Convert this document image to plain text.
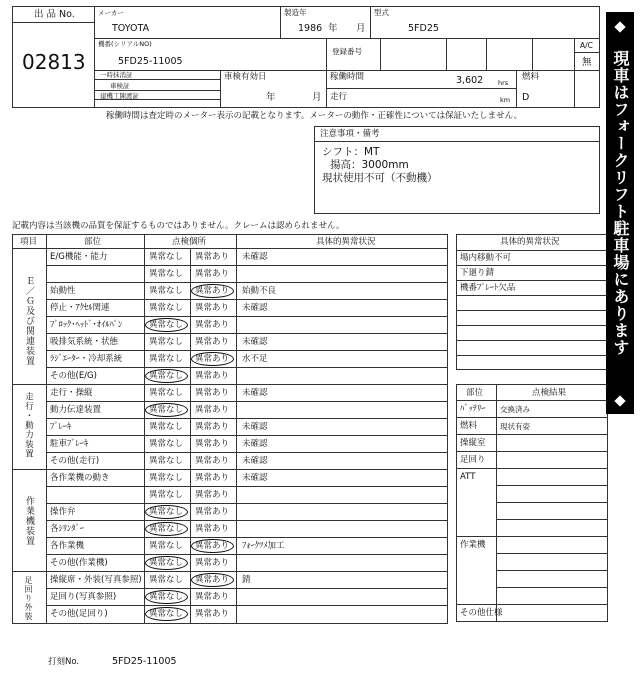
出 品 No.
02813
メーカー
TOYOTA
製造年
1986 年 月
型式
5FD25
機番(シリアルNO)
5FD25-11005
登録番号
A/C
無
一時抹消証
車検証
建機工陳渡証
車検有効日
年	月
稼働時間	3,602 hrs
走行	km
燃料
D
稼働時間は査定時のメーター表示の記載となります。メーターの動作・正確性については保証いたしません。
注意事項・備考
シフト：MT
揚高：3000mm
現状使用不可（不動機）
記載内容は当該機の品質を保証するものではありません。クレームは認められません。
項目	部位	点検個所	具体的異常状況
Ｅ／Ｇ及び関連装置
走行・動力装置
作業機装置
足回り外装
E/G機能・能力	異常なし 異常あり 未確認
異常なし 異常あり
始動性	異常なし 異常あり 始動不良
停止・ｱｸｾﾙ関連	異常なし 異常あり 未確認
ﾌﾞﾛｯｸ･ﾍｯﾄﾞ･ｵｲﾙﾊﾟﾝ	異常なし 異常あり
吸排気系統・状態	異常なし 異常あり 未確認
ﾗｼﾞｴｰﾀｰ・冷却系統	異常なし 異常あり 水不足
その他(E/G)	異常なし 異常あり
走行・操縦	異常なし 異常あり 未確認
動力伝達装置	異常なし 異常あり
ﾌﾞﾚｰｷ	異常なし 異常あり 未確認
駐車ﾌﾞﾚｰｷ	異常なし 異常あり 未確認
その他(走行)	異常なし 異常あり 未確認
各作業機の動き	異常なし 異常あり 未確認
異常なし 異常あり
操作弁	異常なし 異常あり
各ｼﾘﾝﾀﾞｰ	異常なし 異常あり
各作業機	異常なし 異常あり ﾌｫｰｸﾂﾒ加工
その他(作業機)	異常なし 異常あり
操縦席・外装(写真参照) 異常なし 異常あり 錆
足回り(写真参照)	異常なし 異常あり
その他(足回り)	異常なし 異常あり
具体的異常状況
場内移動不可
下廻り錆
機番ﾌﾟﾚｰﾄ欠品
部位	点検結果
ﾊﾞｯﾃﾘｰ 交換済み
燃料	現状有姿
操縦室
足回り
ATT
作業機
その他仕様
現車はフォークリフト駐車場にあります
打刻No.	5FD25-11005
